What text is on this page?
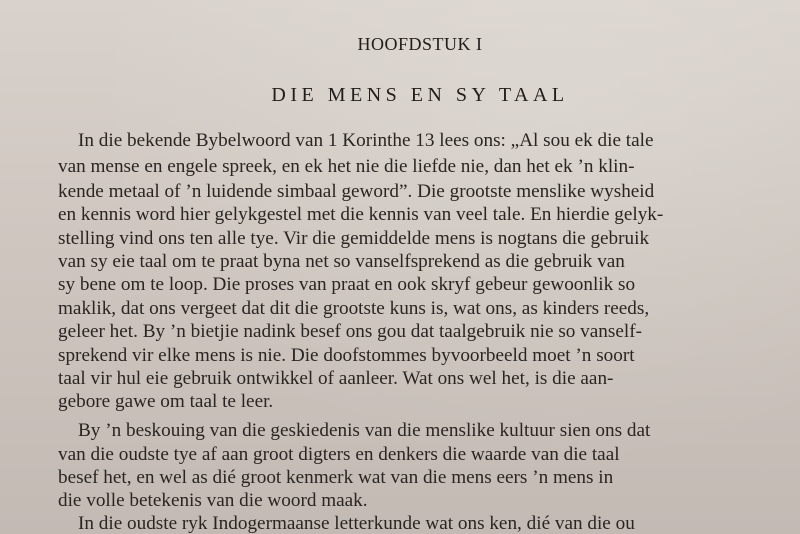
HOOFDSTUK I
DIE MENS EN SY TAAL
In die bekende Bybelwoord van 1 Korinthe 13 lees ons: „Al sou ek die tale
van mense en engele spreek, en ek het nie die liefde nie, dan het ek ’n klin-
kende metaal of ’n luidende simbaal geword”. Die grootste menslike wysheid
en kennis word hier gelykgestel met die kennis van veel tale. En hierdie gelyk-
stelling vind ons ten alle tye. Vir die gemiddelde mens is nogtans die gebruik
van sy eie taal om te praat byna net so vanselfsprekend as die gebruik van
sy bene om te loop. Die proses van praat en ook skryf gebeur gewoonlik so
maklik, dat ons vergeet dat dit die grootste kuns is, wat ons, as kinders reeds,
geleer het. By ’n bietjie nadink besef ons gou dat taalgebruik nie so vanself-
sprekend vir elke mens is nie. Die doofstommes byvoorbeeld moet ’n soort
taal vir hul eie gebruik ontwikkel of aanleer. Wat ons wel het, is die aan-
gebore gawe om taal te leer.
By ’n beskouing van die geskiedenis van die menslike kultuur sien ons dat
van die oudste tye af aan groot digters en denkers die waarde van die taal
besef het, en wel as dié groot kenmerk wat van die mens eers ’n mens in
die volle betekenis van die woord maak.
In die oudste ryk Indogermaanse letterkunde wat ons ken, dié van die ou
